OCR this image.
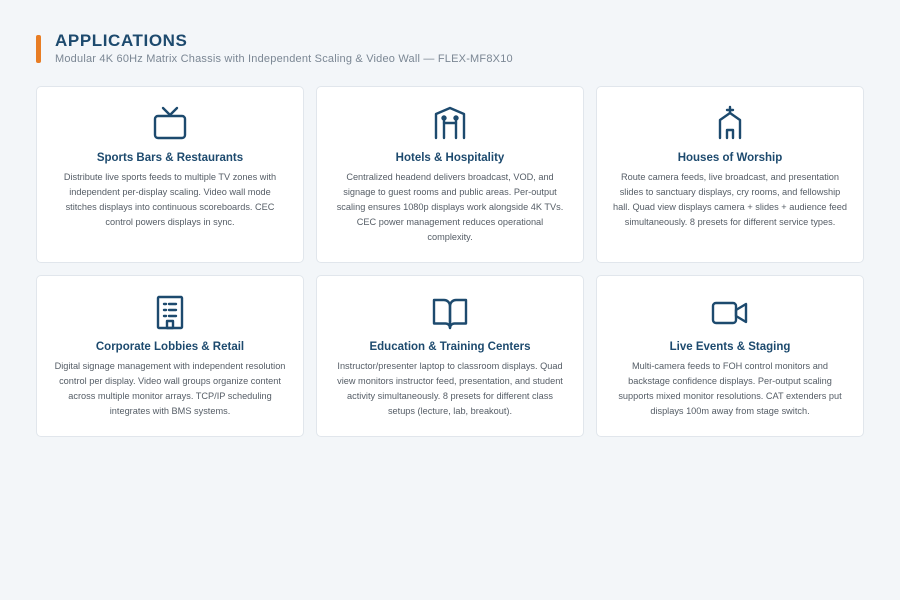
APPLICATIONS
Modular 4K 60Hz Matrix Chassis with Independent Scaling & Video Wall — FLEX-MF8X10
Sports Bars & Restaurants
Distribute live sports feeds to multiple TV zones with independent per-display scaling. Video wall mode stitches displays into continuous scoreboards. CEC control powers displays in sync.
Hotels & Hospitality
Centralized headend delivers broadcast, VOD, and signage to guest rooms and public areas. Per-output scaling ensures 1080p displays work alongside 4K TVs. CEC power management reduces operational complexity.
Houses of Worship
Route camera feeds, live broadcast, and presentation slides to sanctuary displays, cry rooms, and fellowship hall. Quad view displays camera + slides + audience feed simultaneously. 8 presets for different service types.
Corporate Lobbies & Retail
Digital signage management with independent resolution control per display. Video wall groups organize content across multiple monitor arrays. TCP/IP scheduling integrates with BMS systems.
Education & Training Centers
Instructor/presenter laptop to classroom displays. Quad view monitors instructor feed, presentation, and student activity simultaneously. 8 presets for different class setups (lecture, lab, breakout).
Live Events & Staging
Multi-camera feeds to FOH control monitors and backstage confidence displays. Per-output scaling supports mixed monitor resolutions. CAT extenders put displays 100m away from stage switch.
